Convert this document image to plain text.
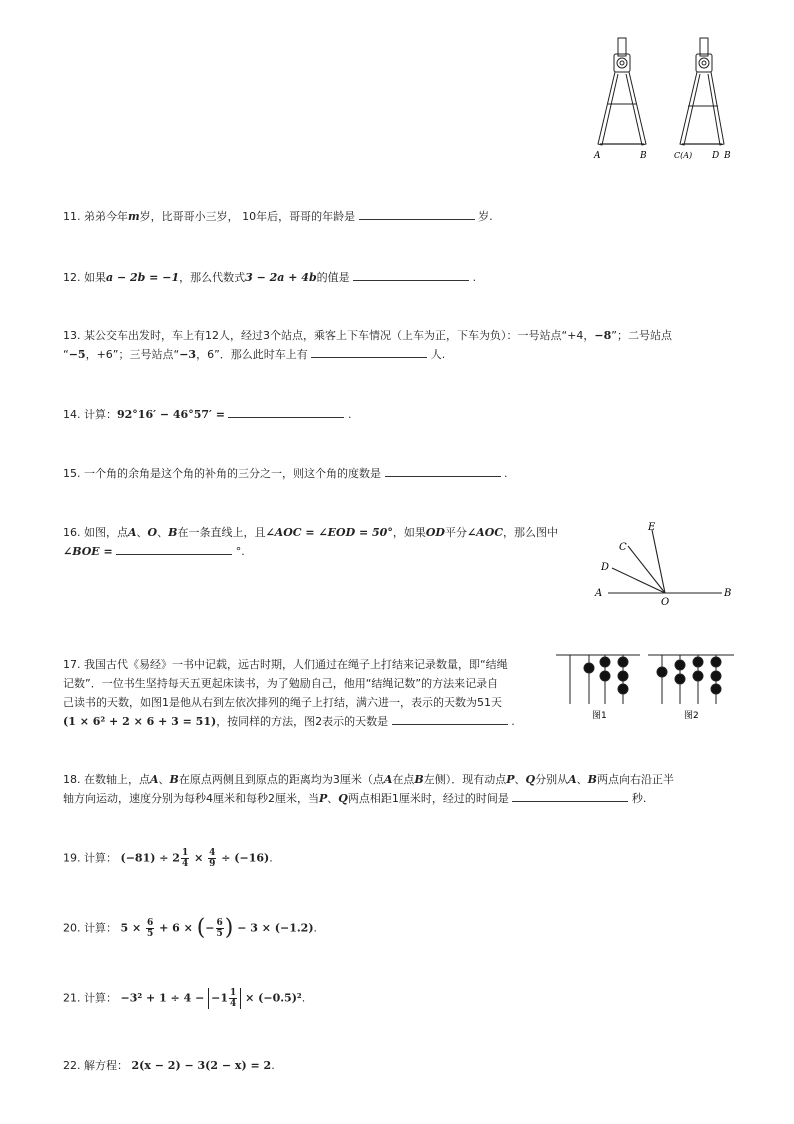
A	B	C(A) D B
11. 弟弟今年m岁，比哥哥小三岁， 10年后，哥哥的年龄是	岁.
12. 如果a − 2b = −1，那么代数式3 − 2a + 4b的值是	.
13. 某公交车出发时，车上有12人，经过3个站点，乘客上下车情况（上车为正，下车为负）：一号站点“+4，−8”；二号站点
“−5，+6”；三号站点“−3，6”．那么此时车上有	人.
14. 计算：92°16′ − 46°57′ =	.
15. 一个角的余角是这个角的补角的三分之一，则这个角的度数是	.
16. 如图，点A、O、B在一条直线上，且∠AOC = ∠EOD = 50°，如果OD平分∠AOC，那么图中
∠BOE =	°.
E
C
D
A
O
B
17. 我国古代《易经》一书中记载，远古时期，人们通过在绳子上打结来记录数量，即“结绳
记数”．一位书生坚持每天五更起床读书，为了勉励自己，他用“结绳记数”的方法来记录自
己读书的天数，如图1是他从右到左依次排列的绳子上打结，满六进一，表示的天数为51天
(1 × 6² + 2 × 6 + 3 = 51)，按同样的方法，图2表示的天数是	.	图1	图2
18. 在数轴上，点A、B在原点两侧且到原点的距离均为3厘米（点A在点B左侧）．现有动点P、Q分别从A、B两点向右沿正半
轴方向运动，速度分别为每秒4厘米和每秒2厘米，当P、Q两点相距1厘米时，经过的时间是	秒.
19. 计算： $(-81) \div 2 \frac{1}{4} \times \frac{4}{9} \div (-16)$.
20. 计算： $5 \times \frac{6}{5} + 6$ × (− $\frac{6}{5}$ ) − 3 × (−1.2).
21. 计算： $-3^2 + 1 \div 4 - -1 \frac{1}{4} \times (-0.5)^2$.
22. 解方程： 2(x − 2) − 3(2 − x) = 2.
